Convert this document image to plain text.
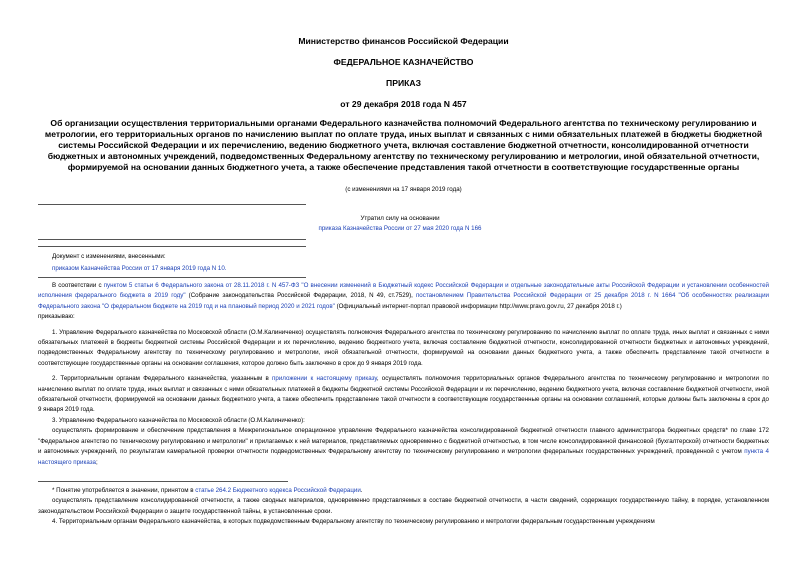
Министерство финансов Российской Федерации
ФЕДЕРАЛЬНОЕ КАЗНАЧЕЙСТВО
ПРИКАЗ
от 29 декабря 2018 года N 457
Об организации осуществления территориальными органами Федерального казначейства полномочий Федерального агентства по техническому регулированию и метрологии, его территориальных органов по начислению выплат по оплате труда, иных выплат и связанных с ними обязательных платежей в бюджеты бюджетной системы Российской Федерации и их перечислению, ведению бюджетного учета, включая составление бюджетной отчетности, консолидированной отчетности бюджетных и автономных учреждений, подведомственных Федеральному агентству по техническому регулированию и метрологии, иной обязательной отчетности, формируемой на основании данных бюджетного учета, а также обеспечение представления такой отчетности в соответствующие государственные органы
(с изменениями на 17 января 2019 года)
Утратил силу на основании
приказа Казначейства России от 27 мая 2020 года N 166
Документ с изменениями, внесенными:
приказом Казначейства России от 17 января 2019 года N 10.

В соответствии с пунктом 5 статьи 6 Федерального закона от 28.11.2018 г. N 457-ФЗ "О внесении изменений в Бюджетный кодекс Российской Федерации и отдельные законодательные акты Российской Федерации и установлении особенностей исполнения федерального бюджета в 2019 году" (Собрание законодательства Российской Федерации, 2018, N 49, ст.7529), постановлением Правительства Российской Федерации от 25 декабря 2018 г. N 1664 "Об особенностях реализации Федерального закона "О федеральном бюджете на 2019 год и на плановый период 2020 и 2021 годов" (Официальный интернет-портал правовой информации http://www.pravo.gov.ru, 27 декабря 2018 г.)

приказываю:

1. Управление Федерального казначейства по Московской области (О.М.Калиниченко) осуществлять полномочия Федерального агентства по техническому регулированию по начислению выплат по оплате труда, иных выплат и связанных с ними обязательных платежей в бюджеты бюджетной системы Российской Федерации и их перечислению, ведению бюджетного учета, включая составление бюджетной отчетности, консолидированной отчетности бюджетных и автономных учреждений, подведомственных Федеральному агентству по техническому регулированию и метрологии, иной обязательной отчетности, формируемой на основании данных бюджетного учета, а также обеспечить представление такой отчетности в соответствующие государственные органы на основании соглашения, которое должно быть заключено в срок до 9 января 2019 года.

2. Территориальным органам Федерального казначейства, указанным в приложении к настоящему приказу, осуществлять полномочия территориальных органов Федерального агентства по техническому регулированию и метрологии по начислению выплат по оплате труда, иных выплат и связанных с ними обязательных платежей в бюджеты бюджетной системы Российской Федерации и их перечислению, ведению бюджетного учета, включая составление бюджетной отчетности, иной обязательной отчетности, формируемой на основании данных бюджетного учета, а также обеспечить представление такой отчетности в соответствующие государственные органы на основании соглашений, которые должны быть заключены в срок до 9 января 2019 года.

3. Управлению Федерального казначейства по Московской области (О.М.Калиниченко):

осуществлять формирование и обеспечение представления в Межрегиональное операционное управление Федерального казначейства консолидированной бюджетной отчетности главного администратора бюджетных средств* по главе 172 "Федеральное агентство по техническому регулированию и метрологии" и прилагаемых к ней материалов, представляемых одновременно с бюджетной отчетностью, в том числе консолидированной финансовой (бухгалтерской) отчетности бюджетных и автономных учреждений, по результатам камеральной проверки отчетности подведомственных Федеральному агентству по техническому регулированию и метрологии федеральных государственных учреждений, проведенной с учетом пункта 4 настоящего приказа;

* Понятие употребляется в значении, принятом в статье 264.2 Бюджетного кодекса Российской Федерации.

осуществлять представление консолидированной отчетности, а также сводных материалов, одновременно представляемых в составе бюджетной отчетности, в части сведений, содержащих государственную тайну, в порядке, установленном законодательством Российской Федерации о защите государственной тайны, в установленные сроки.

4. Территориальным органам Федерального казначейства, в которых подведомственным Федеральному агентству по техническому регулированию и метрологии федеральным государственным учреждениям
